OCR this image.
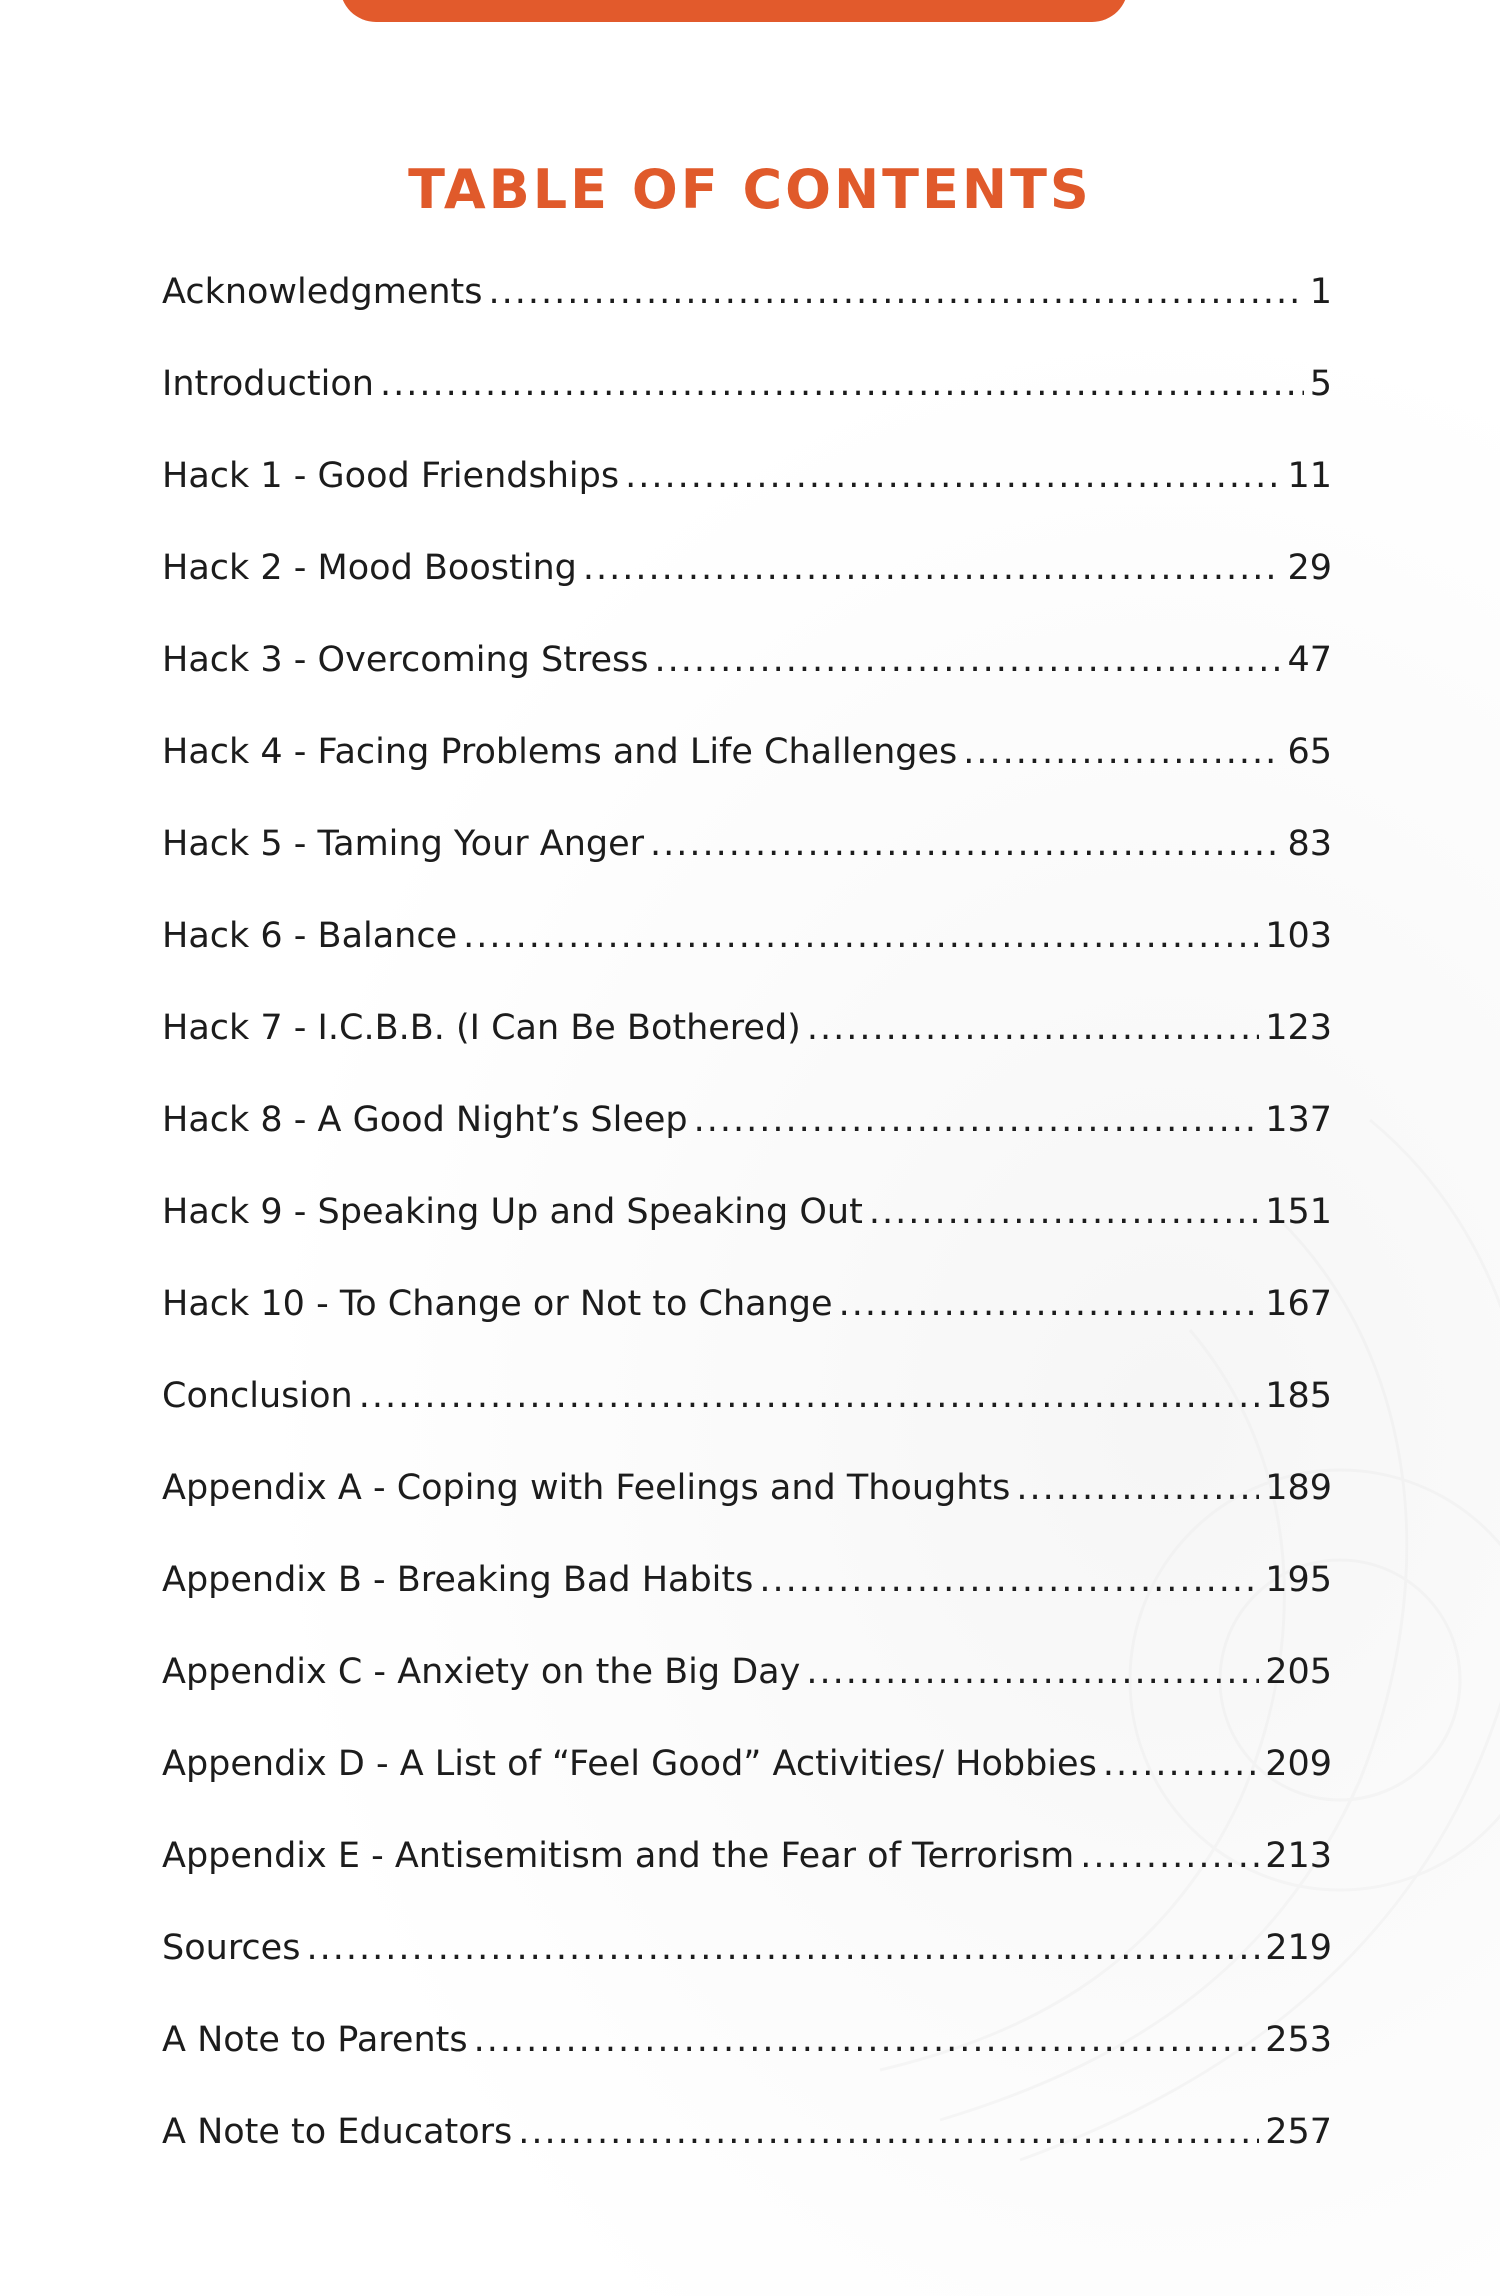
TABLE OF CONTENTS
Acknowledgments .....	1
Introduction .....	5
Hack 1 - Good Friendships .....	11
Hack 2 - Mood Boosting .....	29
Hack 3 - Overcoming Stress .....	47
Hack 4 - Facing Problems and Life Challenges .....	65
Hack 5 - Taming Your Anger .....	83
Hack 6 - Balance .....	103
Hack 7 - I.C.B.B. (I Can Be Bothered) .....	123
Hack 8 - A Good Night’s Sleep .....	137
Hack 9 - Speaking Up and Speaking Out .....	151
Hack 10 - To Change or Not to Change .....	167
Conclusion .....	185
Appendix A - Coping with Feelings and Thoughts .....	189
Appendix B - Breaking Bad Habits .....	195
Appendix C - Anxiety on the Big Day .....	205
Appendix D - A List of “Feel Good” Activities/ Hobbies .....	209
Appendix E - Antisemitism and the Fear of Terrorism .....	213
Sources .....	219
A Note to Parents .....	253
A Note to Educators .....	257
